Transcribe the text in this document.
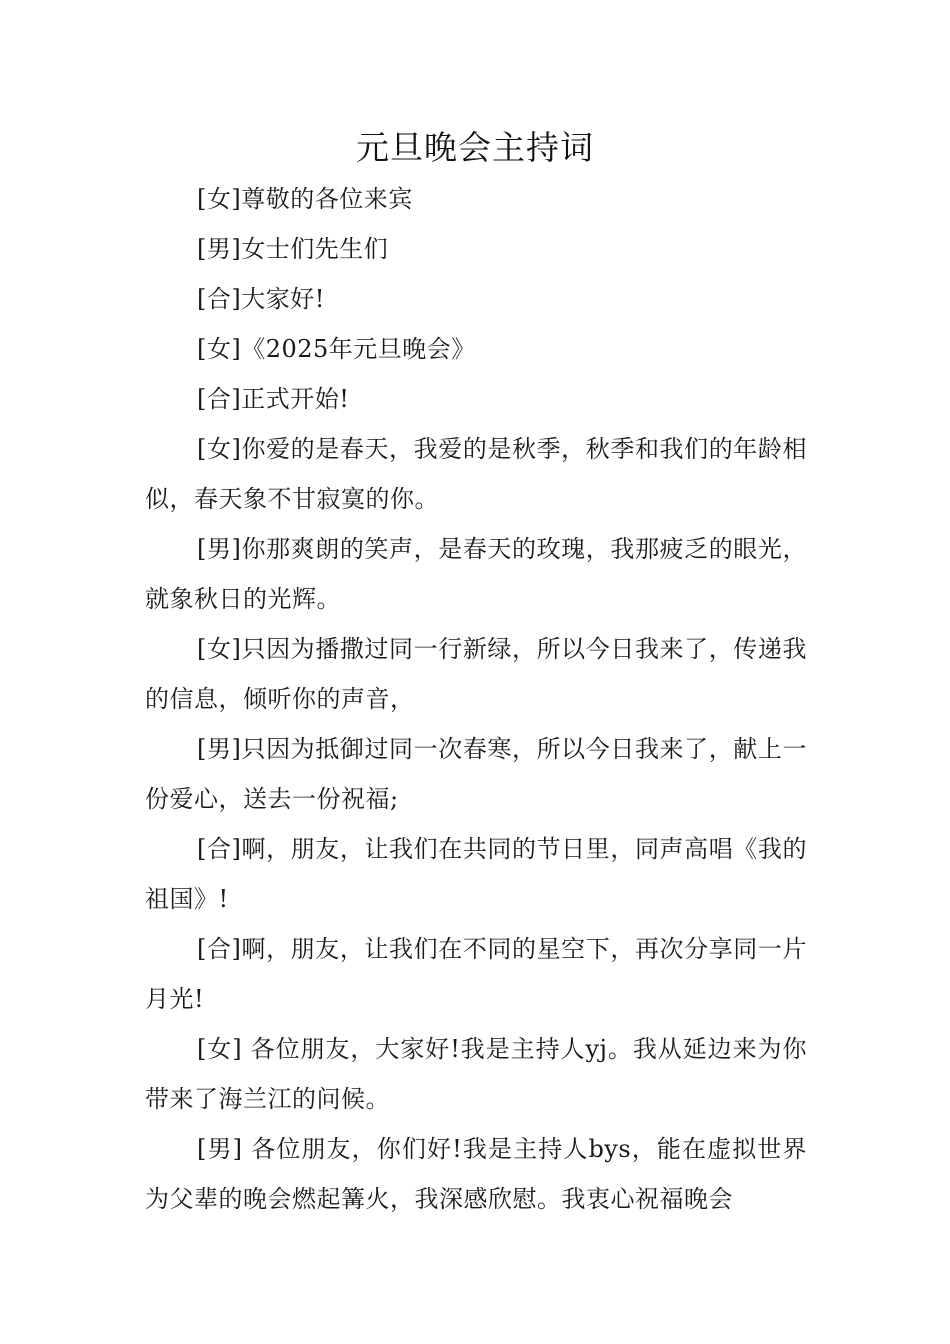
元旦晚会主持词

[女]尊敬的各位来宾

[男]女士们先生们

[合]大家好!

[女]《2025年元旦晚会》

[合]正式开始!

[女]你爱的是春天，我爱的是秋季，秋季和我们的年龄相似，春天象不甘寂寞的你。

[男]你那爽朗的笑声，是春天的玫瑰，我那疲乏的眼光，就象秋日的光辉。

[女]只因为播撒过同一行新绿，所以今日我来了，传递我的信息，倾听你的声音，

[男]只因为抵御过同一次春寒，所以今日我来了，献上一份爱心，送去一份祝福;

[合]啊，朋友，让我们在共同的节日里，同声高唱《我的祖国》!

[合]啊，朋友，让我们在不同的星空下，再次分享同一片月光!

[女] 各位朋友，大家好!我是主持人yj。我从延边来为你带来了海兰江的问候。

[男] 各位朋友，你们好!我是主持人bys，能在虚拟世界为父辈的晚会燃起篝火，我深感欣慰。我衷心祝福晚会
